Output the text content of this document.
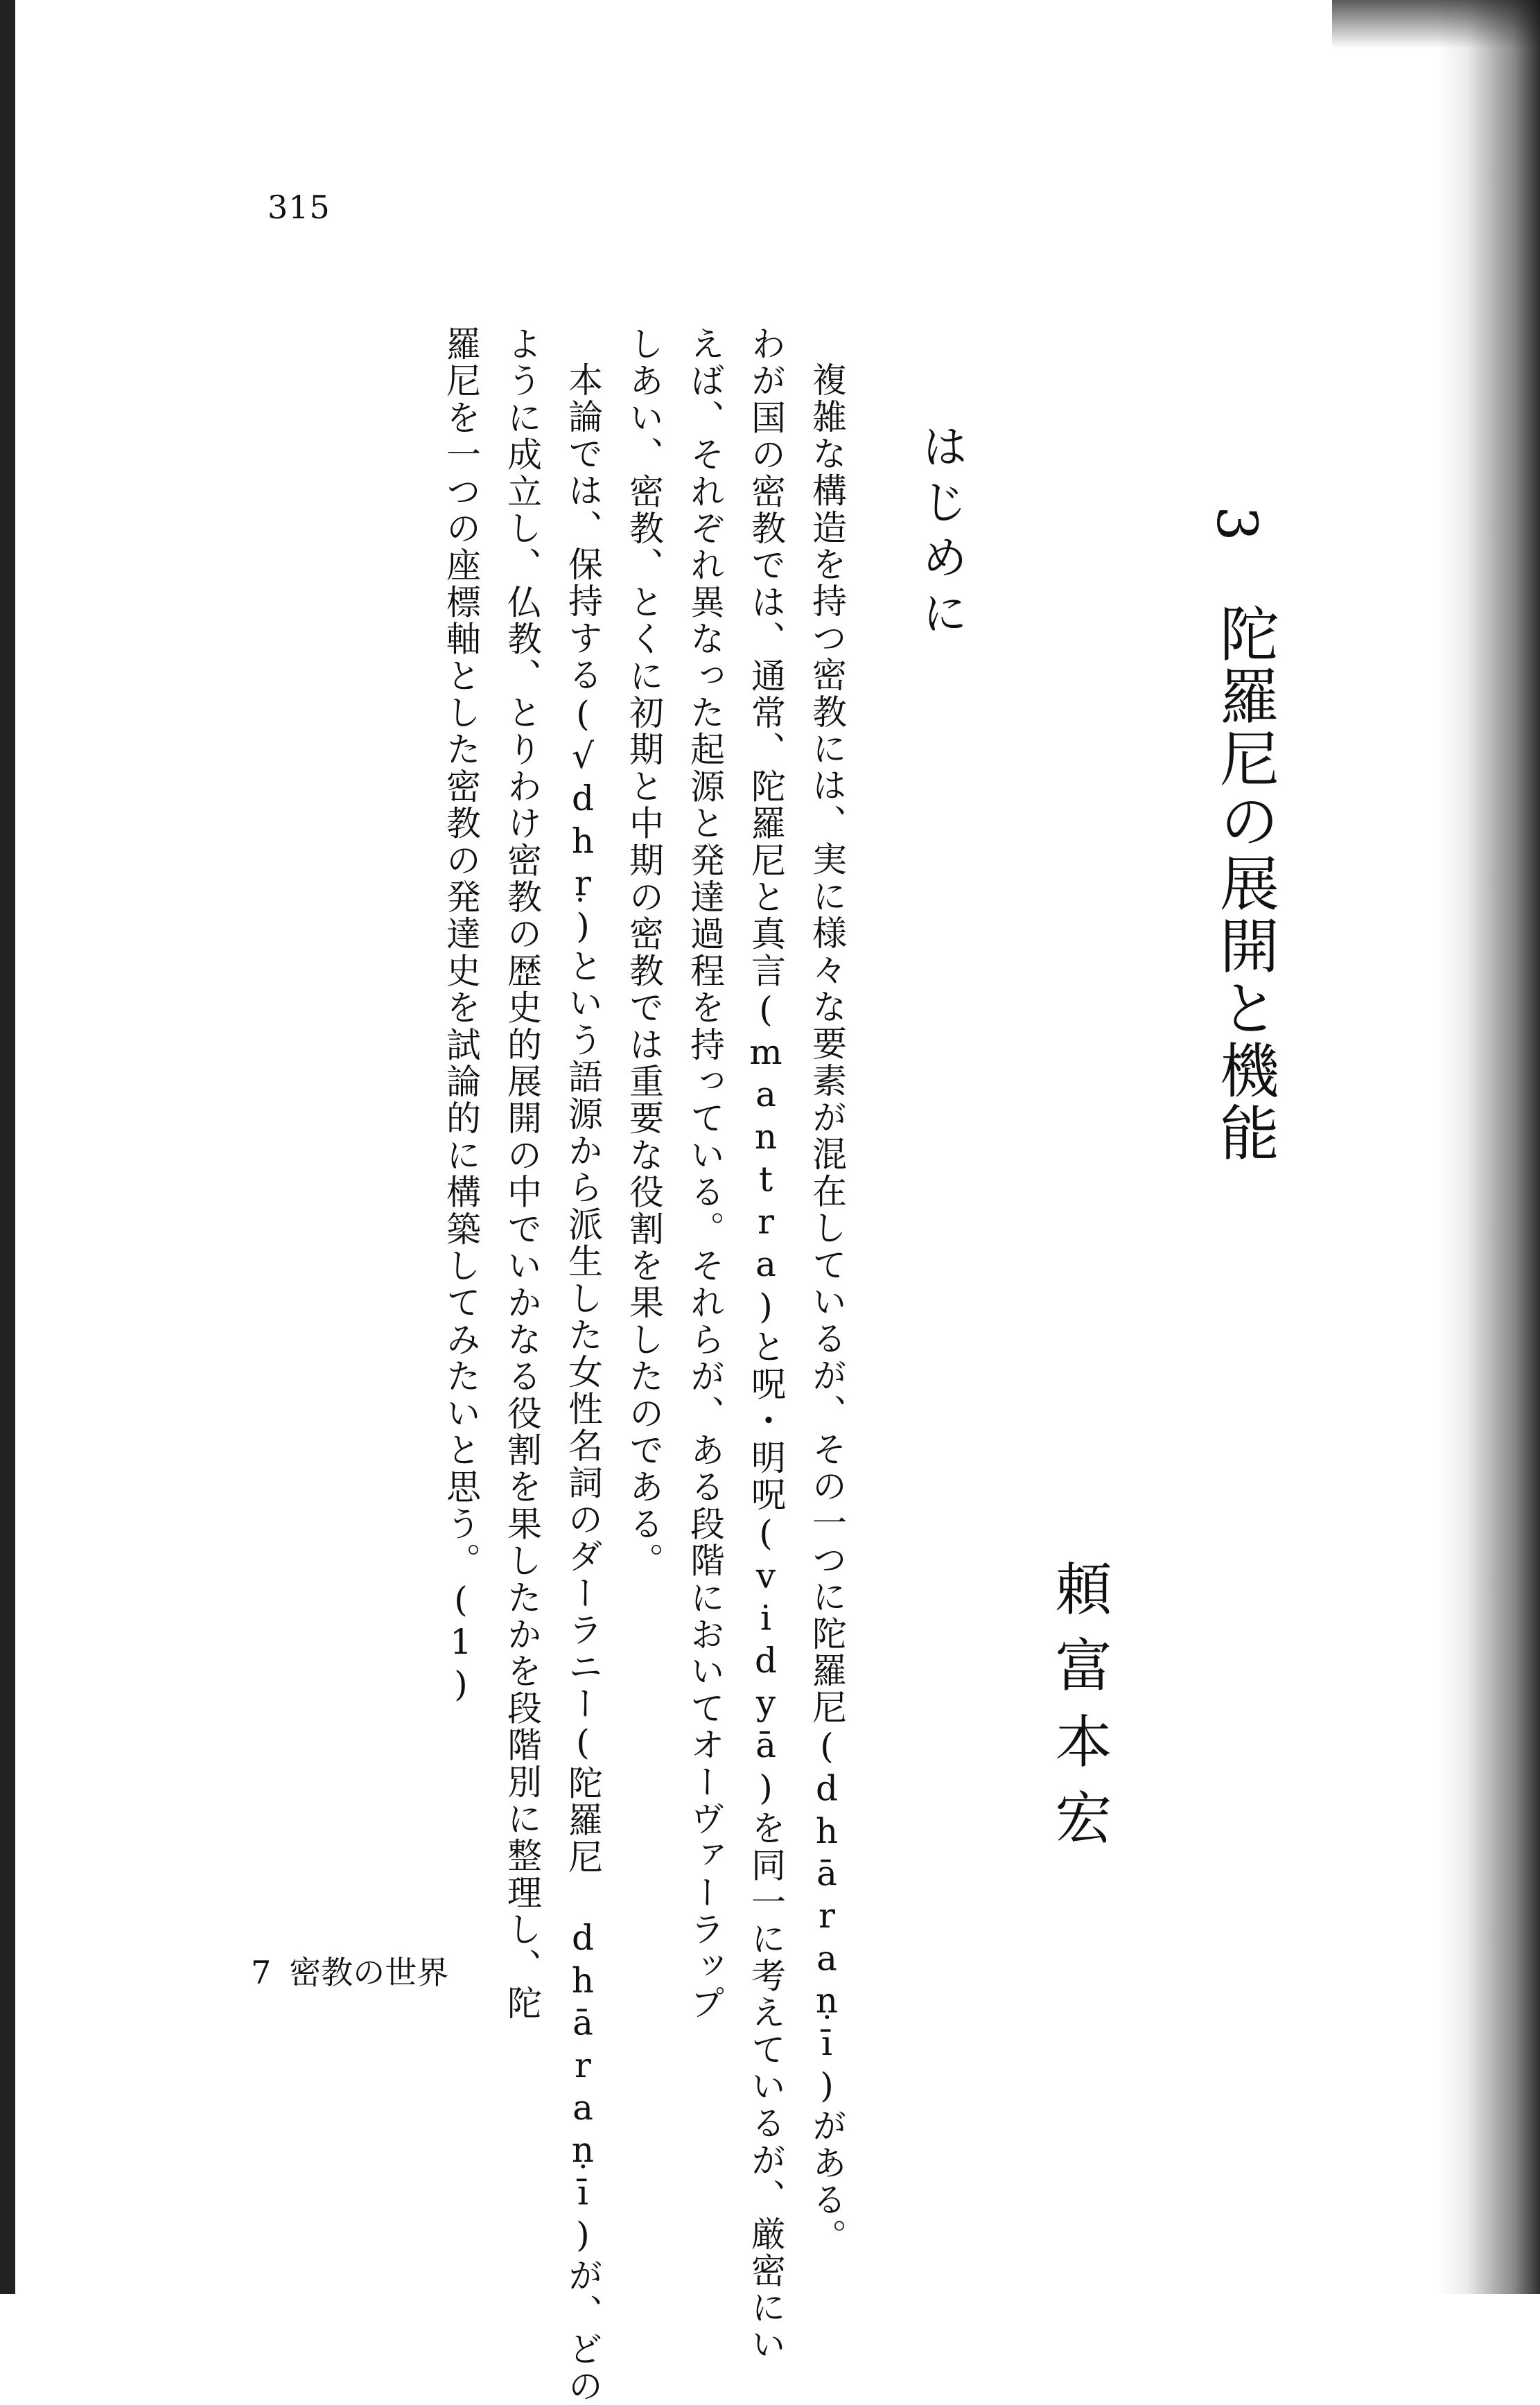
315
3
陀羅尼の展開と機能
頼富本宏
はじめに
複雑な構造を持つ密教には、実に様々な要素が混在しているが、その一つに陀羅尼(dhāraṇī)がある。
わが国の密教では、通常、陀羅尼と真言(mantra)と呪・明呪(vidyā)を同一に考えているが、厳密にい
えば、それぞれ異なった起源と発達過程を持っている。それらが、ある段階においてオーヴァーラップ
しあい、密教、とくに初期と中期の密教では重要な役割を果したのである。
本論では、保持する(√dhṛ)という語源から派生した女性名詞のダーラニー(陀羅尼 dhāraṇī)が、どの
ように成立し、仏教、とりわけ密教の歴史的展開の中でいかなる役割を果したかを段階別に整理し、陀
羅尼を一つの座標軸とした密教の発達史を試論的に構築してみたいと思う。(1)
7 密教の世界
